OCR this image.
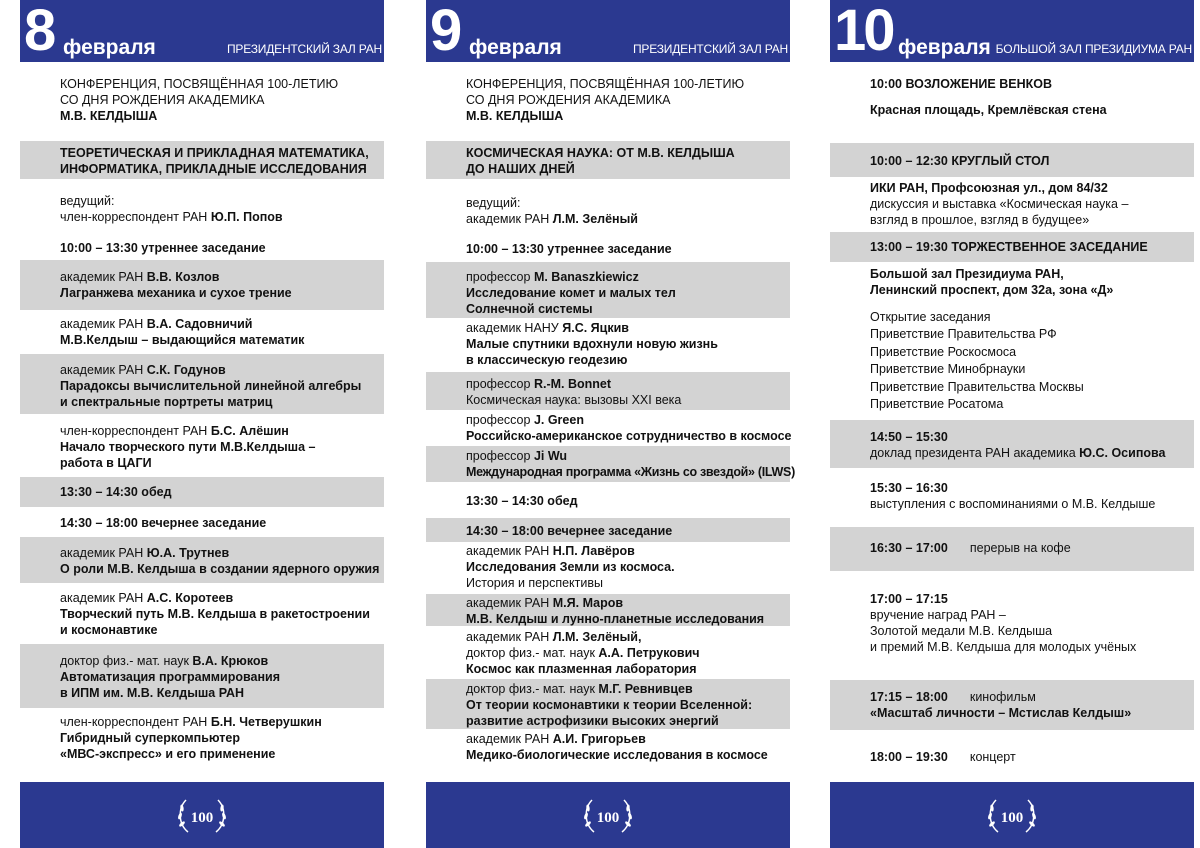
8 февраля	ПРЕЗИДЕНТСКИЙ ЗАЛ РАН
КОНФЕРЕНЦИЯ, ПОСВЯЩЁННАЯ 100-ЛЕТИЮ
СО ДНЯ РОЖДЕНИЯ АКАДЕМИКА
М.В. КЕЛДЫША
ТЕОРЕТИЧЕСКАЯ И ПРИКЛАДНАЯ МАТЕМАТИКА,
ИНФОРМАТИКА, ПРИКЛАДНЫЕ ИССЛЕДОВАНИЯ
ведущий:
член-корреспондент РАН Ю.П. Попов
10:00 – 13:30 утреннее заседание
академик РАН В.В. Козлов
Лагранжева механика и сухое трение
академик РАН В.А. Садовничий
М.В.Келдыш – выдающийся математик
академик РАН С.К. Годунов
Парадоксы вычислительной линейной алгебры
и спектральные портреты матриц
член-корреспондент РАН Б.С. Алёшин
Начало творческого пути М.В.Келдыша –
работа в ЦАГИ
13:30 – 14:30 обед
14:30 – 18:00 вечернее заседание
академик РАН Ю.А. Трутнев
О роли М.В. Келдыша в создании ядерного оружия
академик РАН А.С. Коротеев
Творческий путь М.В. Келдыша в ракетостроении
и космонавтике
доктор физ.- мат. наук В.А. Крюков
Автоматизация программирования
в ИПМ им. М.В. Келдыша РАН
член-корреспондент РАН Б.Н. Четверушкин
Гибридный суперкомпьютер
«МВС-экспресс» и его применение
100
9 февраля	ПРЕЗИДЕНТСКИЙ ЗАЛ РАН
КОНФЕРЕНЦИЯ, ПОСВЯЩЁННАЯ 100-ЛЕТИЮ
СО ДНЯ РОЖДЕНИЯ АКАДЕМИКА
М.В. КЕЛДЫША
КОСМИЧЕСКАЯ НАУКА: ОТ М.В. КЕЛДЫША
ДО НАШИХ ДНЕЙ
ведущий:
академик РАН Л.М. Зелёный
10:00 – 13:30 утреннее заседание
профессор M. Banaszkiewicz
Исследование комет и малых тел
Солнечной системы
академик НАНУ Я.С. Яцкив
Малые спутники вдохнули новую жизнь
в классическую геодезию
профессор R.-M. Bonnet
Космическая наука: вызовы XXI века
профессор J. Green
Российско-американское сотрудничество в космосе
профессор Ji Wu
Международная программа «Жизнь со звездой» (ILWS)
13:30 – 14:30 обед
14:30 – 18:00 вечернее заседание
академик РАН Н.П. Лавёров
Исследования Земли из космоса.
История и перспективы
академик РАН М.Я. Маров
М.В. Келдыш и лунно-планетные исследования
академик РАН Л.М. Зелёный,
доктор физ.- мат. наук А.А. Петрукович
Космос как плазменная лаборатория
доктор физ.- мат. наук М.Г. Ревнивцев
От теории космонавтики к теории Вселенной:
развитие астрофизики высоких энергий
академик РАН А.И. Григорьев
Медико-биологические исследования в космосе
100
10 февраля БОЛЬШОЙ ЗАЛ ПРЕЗИДИУМА РАН
10:00 ВОЗЛОЖЕНИЕ ВЕНКОВ
Красная площадь, Кремлёвская стена
10:00 – 12:30 КРУГЛЫЙ СТОЛ
ИКИ РАН, Профсоюзная ул., дом 84/32
дискуссия и выставка «Космическая наука –
взгляд в прошлое, взгляд в будущее»
13:00 – 19:30 ТОРЖЕСТВЕННОЕ ЗАСЕДАНИЕ
Большой зал Президиума РАН,
Ленинский проспект, дом 32а, зона «Д»
Открытие заседания
Приветствие Правительства РФ
Приветствие Роскосмоса
Приветствие Минобрнауки
Приветствие Правительства Москвы
Приветствие Росатома
14:50 – 15:30
доклад президента РАН академика Ю.С. Осипова
15:30 – 16:30
выступления с воспоминаниями о М.В. Келдыше
16:30 – 17:00 перерыв на кофе
17:00 – 17:15
вручение наград РАН –
Золотой медали М.В. Келдыша
и премий М.В. Келдыша для молодых учёных
17:15 – 18:00 кинофильм
«Масштаб личности – Мстислав Келдыш»
18:00 – 19:30 концерт
100
